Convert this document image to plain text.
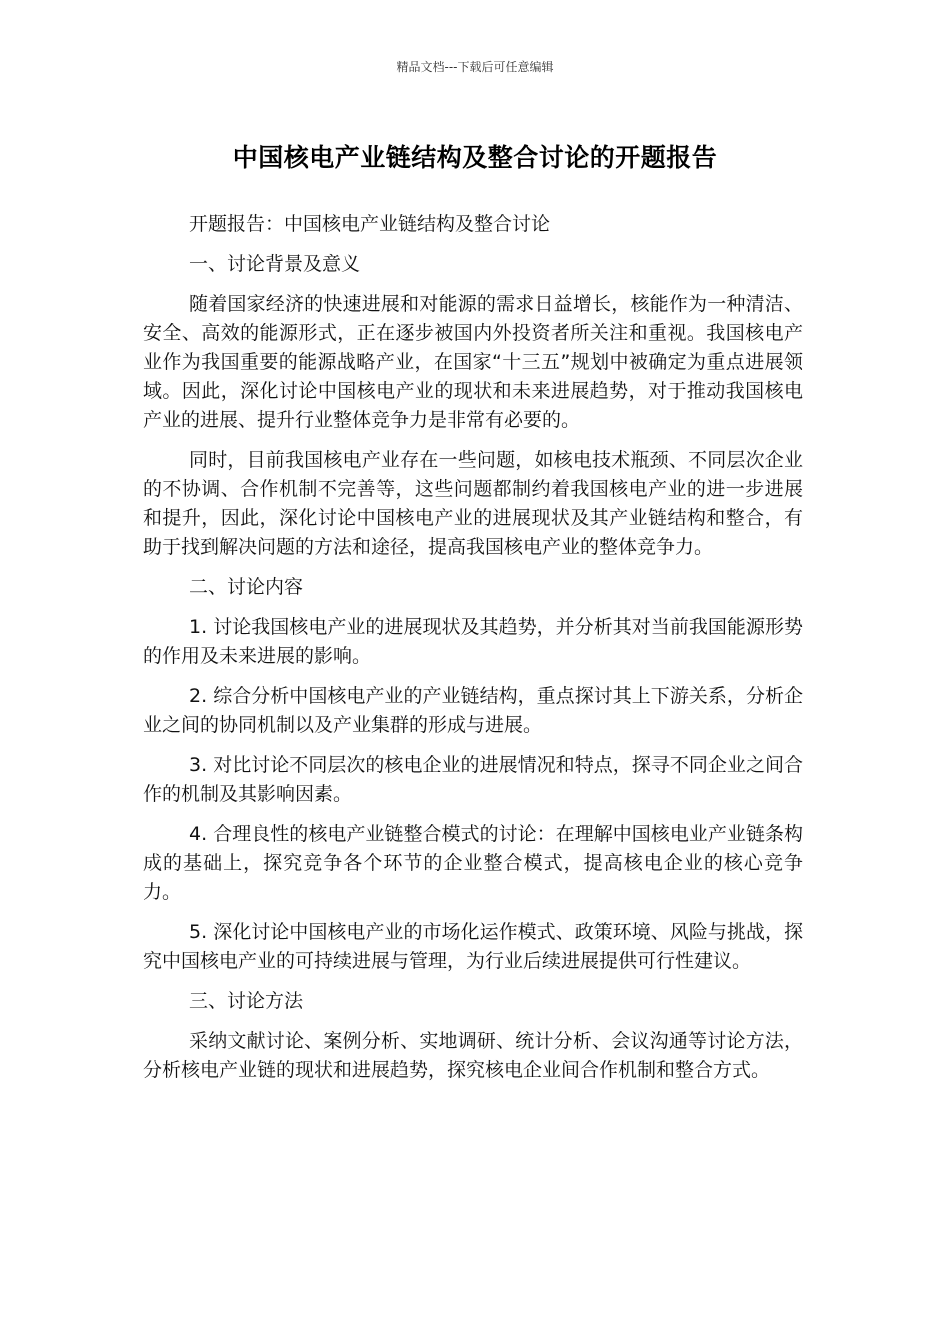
精品文档---下载后可任意编辑
中国核电产业链结构及整合讨论的开题报告

开题报告：中国核电产业链结构及整合讨论

一、讨论背景及意义

随着国家经济的快速进展和对能源的需求日益增长，核能作为一种清洁、安全、高效的能源形式，正在逐步被国内外投资者所关注和重视。我国核电产业作为我国重要的能源战略产业，在国家“十三五”规划中被确定为重点进展领域。因此，深化讨论中国核电产业的现状和未来进展趋势，对于推动我国核电产业的进展、提升行业整体竞争力是非常有必要的。

同时，目前我国核电产业存在一些问题，如核电技术瓶颈、不同层次企业的不协调、合作机制不完善等，这些问题都制约着我国核电产业的进一步进展和提升，因此，深化讨论中国核电产业的进展现状及其产业链结构和整合，有助于找到解决问题的方法和途径，提高我国核电产业的整体竞争力。

二、讨论内容

1. 讨论我国核电产业的进展现状及其趋势，并分析其对当前我国能源形势的作用及未来进展的影响。

2. 综合分析中国核电产业的产业链结构，重点探讨其上下游关系，分析企业之间的协同机制以及产业集群的形成与进展。

3. 对比讨论不同层次的核电企业的进展情况和特点，探寻不同企业之间合作的机制及其影响因素。

4. 合理良性的核电产业链整合模式的讨论：在理解中国核电业产业链条构成的基础上，探究竞争各个环节的企业整合模式，提高核电企业的核心竞争力。

5. 深化讨论中国核电产业的市场化运作模式、政策环境、风险与挑战，探究中国核电产业的可持续进展与管理，为行业后续进展提供可行性建议。

三、讨论方法

采纳文献讨论、案例分析、实地调研、统计分析、会议沟通等讨论方法，分析核电产业链的现状和进展趋势，探究核电企业间合作机制和整合方式。
